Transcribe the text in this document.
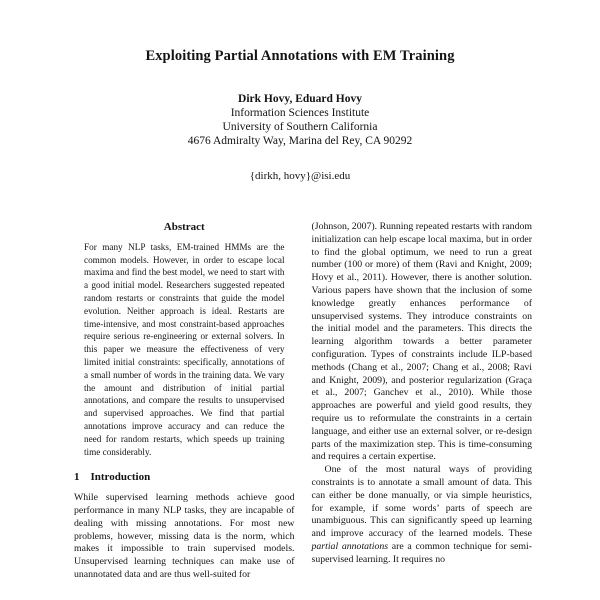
Exploiting Partial Annotations with EM Training
Dirk Hovy, Eduard Hovy
Information Sciences Institute
University of Southern California
4676 Admiralty Way, Marina del Rey, CA 90292
{dirkh, hovy}@isi.edu
Abstract
For many NLP tasks, EM-trained HMMs are the common models. However, in order to escape local maxima and find the best model, we need to start with a good initial model. Researchers suggested repeated random restarts or constraints that guide the model evolution. Neither approach is ideal. Restarts are time-intensive, and most constraint-based approaches require serious re-engineering or external solvers. In this paper we measure the effectiveness of very limited initial constraints: specifically, annotations of a small number of words in the training data. We vary the amount and distribution of initial partial annotations, and compare the results to unsupervised and supervised approaches. We find that partial annotations improve accuracy and can reduce the need for random restarts, which speeds up training time considerably.
1 Introduction

While supervised learning methods achieve good performance in many NLP tasks, they are incapable of dealing with missing annotations. For most new problems, however, missing data is the norm, which makes it impossible to train supervised models. Unsupervised learning techniques can make use of unannotated data and are thus well-suited for

(Johnson, 2007). Running repeated restarts with random initialization can help escape local maxima, but in order to find the global optimum, we need to run a great number (100 or more) of them (Ravi and Knight, 2009; Hovy et al., 2011). However, there is another solution. Various papers have shown that the inclusion of some knowledge greatly enhances performance of unsupervised systems. They introduce constraints on the initial model and the parameters. This directs the learning algorithm towards a better parameter configuration. Types of constraints include ILP-based methods (Chang et al., 2007; Chang et al., 2008; Ravi and Knight, 2009), and posterior regularization (Graça et al., 2007; Ganchev et al., 2010). While those approaches are powerful and yield good results, they require us to reformulate the constraints in a certain language, and either use an external solver, or re-design parts of the maximization step. This is time-consuming and requires a certain expertise.

One of the most natural ways of providing constraints is to annotate a small amount of data. This can either be done manually, or via simple heuristics, for example, if some words’ parts of speech are unambiguous. This can significantly speed up learning and improve accuracy of the learned models. These partial annotations are a common technique for semi-supervised learning. It requires no
